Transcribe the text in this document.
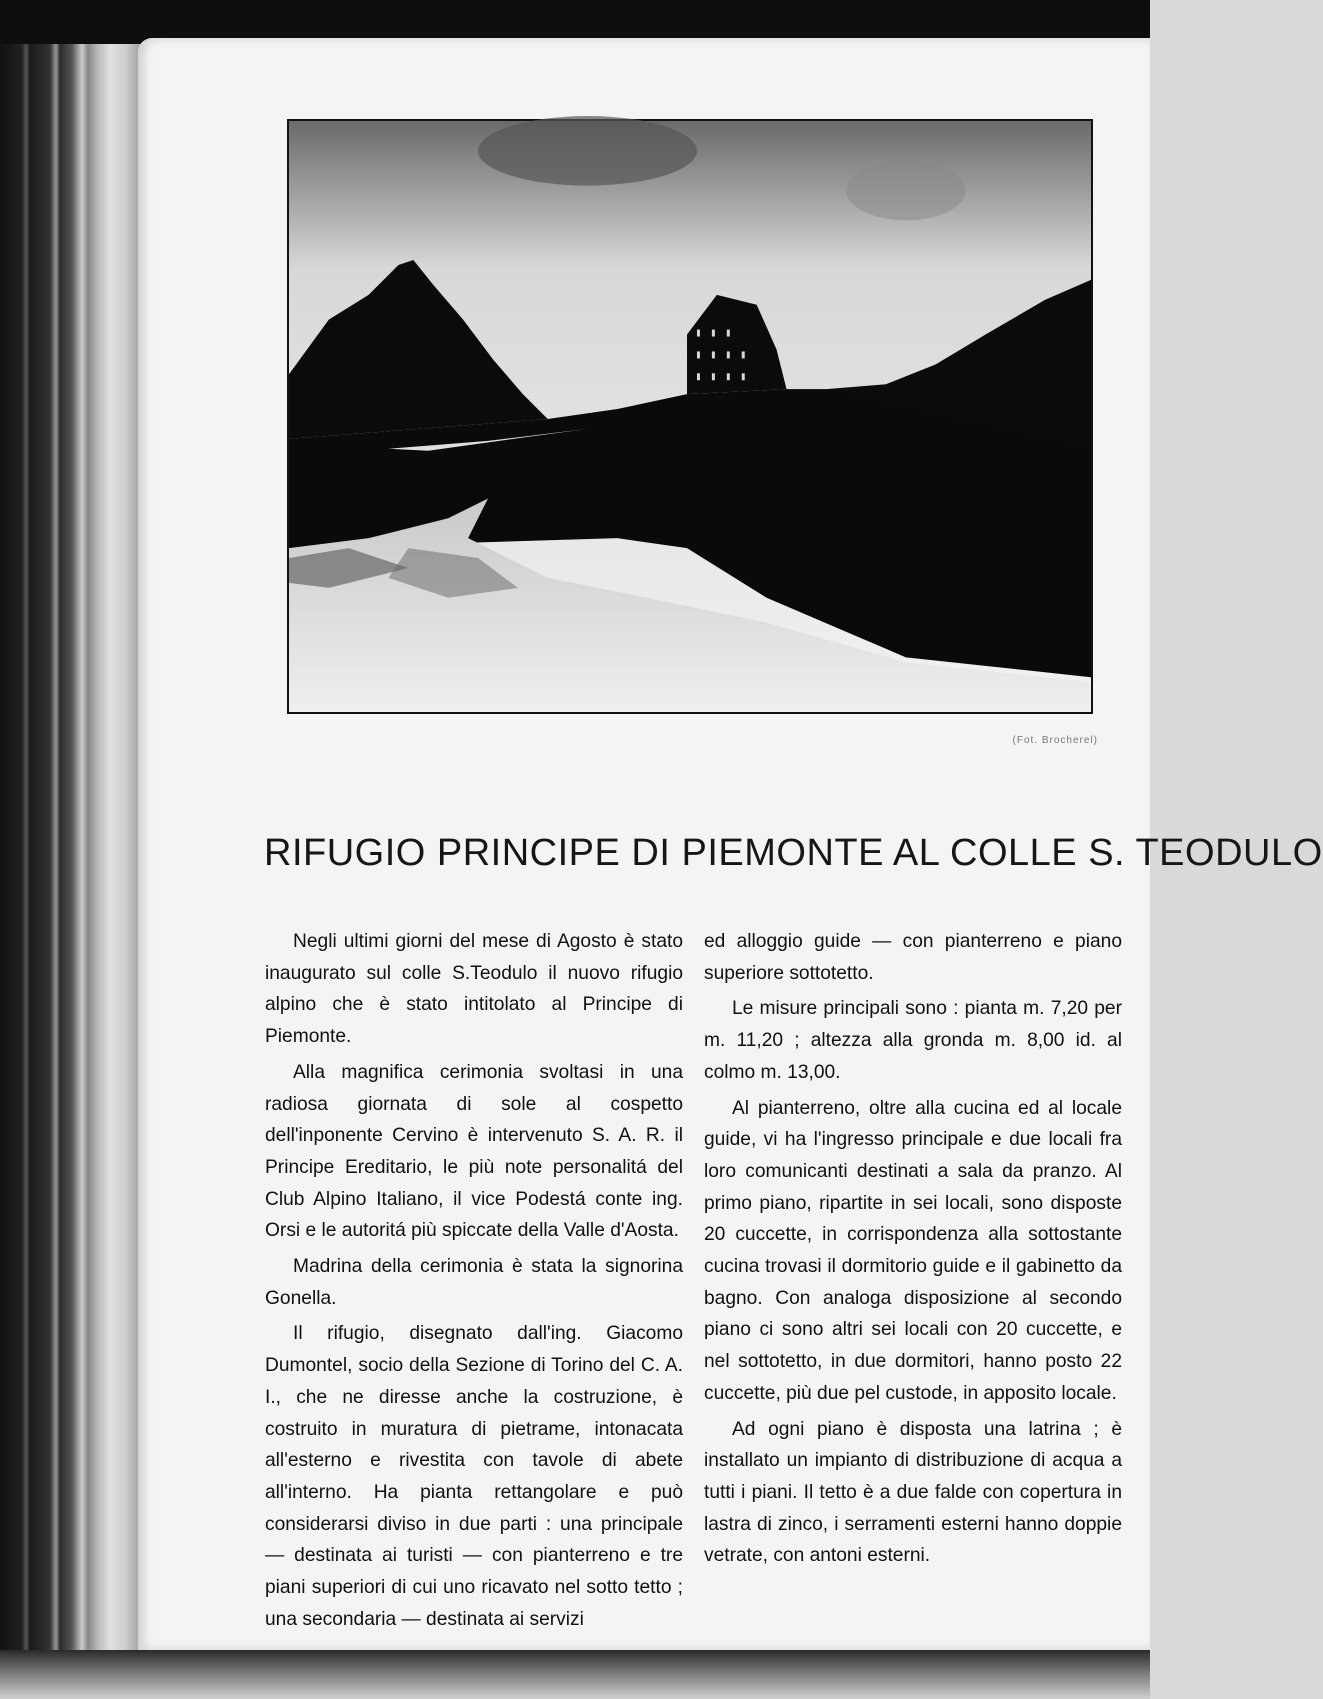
(Fot. Brocherel)
RIFUGIO PRINCIPE DI PIEMONTE AL COLLE S. TEODULO

Negli ultimi giorni del mese di Agosto è stato inaugurato sul colle S.Teodulo il nuovo rifugio alpino che è stato intitolato al Principe di Piemonte.

Alla magnifica cerimonia svoltasi in una radiosa giornata di sole al cospetto dell'inponente Cervino è intervenuto S. A. R. il Principe Ereditario, le più note personalitá del Club Alpino Italiano, il vice Podestá conte ing. Orsi e le autoritá più spiccate della Valle d'Aosta.

Madrina della cerimonia è stata la signorina Gonella.

Il rifugio, disegnato dall'ing. Giacomo Dumontel, socio della Sezione di Torino del C. A. I., che ne diresse anche la costruzione, è costruito in muratura di pietrame, intonacata all'esterno e rivestita con tavole di abete all'interno. Ha pianta rettangolare e può considerarsi diviso in due parti : una principale — destinata ai turisti — con pianterreno e tre piani superiori di cui uno ricavato nel sotto tetto ; una secondaria — destinata ai servizi

ed alloggio guide — con pianterreno e piano superiore sottotetto.

Le misure principali sono : pianta m. 7,20 per m. 11,20 ; altezza alla gronda m. 8,00 id. al colmo m. 13,00.

Al pianterreno, oltre alla cucina ed al locale guide, vi ha l'ingresso principale e due locali fra loro comunicanti destinati a sala da pranzo. Al primo piano, ripartite in sei locali, sono disposte 20 cuccette, in corrispondenza alla sottostante cucina trovasi il dormitorio guide e il gabinetto da bagno. Con analoga disposizione al secondo piano ci sono altri sei locali con 20 cuccette, e nel sottotetto, in due dormitori, hanno posto 22 cuccette, più due pel custode, in apposito locale.

Ad ogni piano è disposta una latrina ; è installato un impianto di distribuzione di acqua a tutti i piani. Il tetto è a due falde con copertura in lastra di zinco, i serramenti esterni hanno doppie vetrate, con antoni esterni.
